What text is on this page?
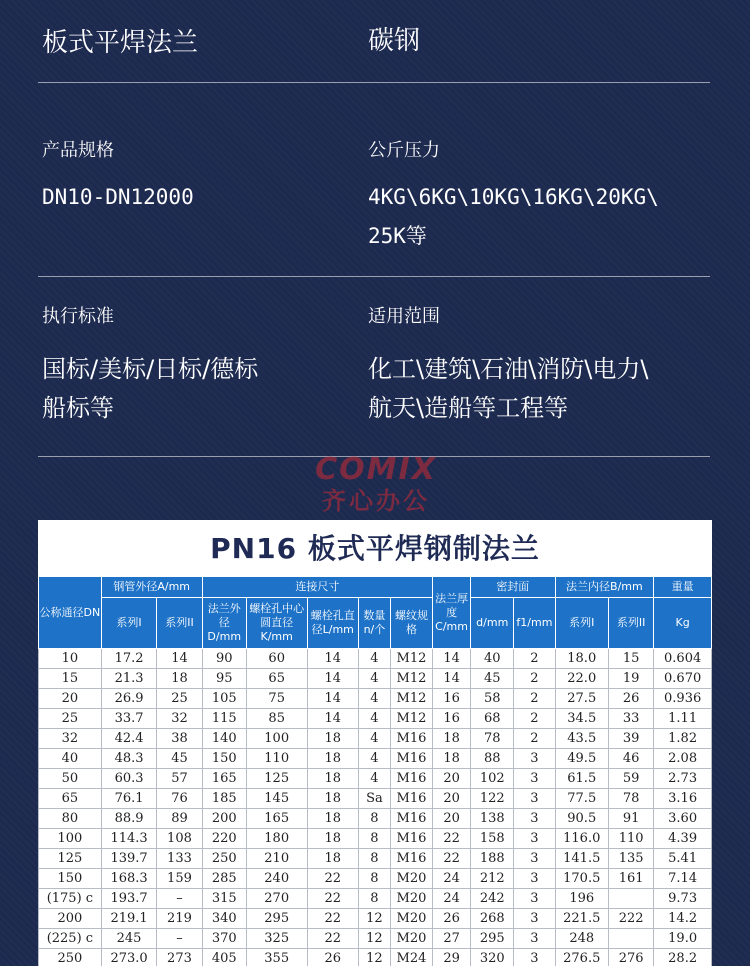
板式平焊法兰	碳钢
产品规格	公斤压力
DN10-DN12000	4KG\6KG\10KG\16KG\20KG\
25K等
执行标准	适用范围
国标/美标/日标/德标
船标等
化工\建筑\石油\消防\电力\
航天\造船等工程等
COMIX
齐心办公
PN16 板式平焊钢制法兰
公称通径DN	钢管外径A/mm		连接尺寸					法兰厚度C/mm	密封面		法兰内径B/mm		重量
	系列I	系列II	法兰外径D/mm	螺栓孔中心圆直径K/mm	螺栓孔直径L/mm	数量n/个	螺纹规格		d/mm	f1/mm	系列I	系列II	Kg
10	17.2	14	90	60	14	4	M12	14	40	2	18.0	15	0.604
15	21.3	18	95	65	14	4	M12	14	45	2	22.0	19	0.670
20	26.9	25	105	75	14	4	M12	16	58	2	27.5	26	0.936
25	33.7	32	115	85	14	4	M12	16	68	2	34.5	33	1.11
32	42.4	38	140	100	18	4	M16	18	78	2	43.5	39	1.82
40	48.3	45	150	110	18	4	M16	18	88	3	49.5	46	2.08
50	60.3	57	165	125	18	4	M16	20	102	3	61.5	59	2.73
65	76.1	76	185	145	18	Sa	M16	20	122	3	77.5	78	3.16
80	88.9	89	200	165	18	8	M16	20	138	3	90.5	91	3.60
100	114.3	108	220	180	18	8	M16	22	158	3	116.0	110	4.39
125	139.7	133	250	210	18	8	M16	22	188	3	141.5	135	5.41
150	168.3	159	285	240	22	8	M20	24	212	3	170.5	161	7.14
(175) c	193.7	–	315	270	22	8	M20	24	242	3	196		9.73
200	219.1	219	340	295	22	12	M20	26	268	3	221.5	222	14.2
(225) c	245	–	370	325	22	12	M20	27	295	3	248		19.0
250	273.0	273	405	355	26	12	M24	29	320	3	276.5	276	28.2
